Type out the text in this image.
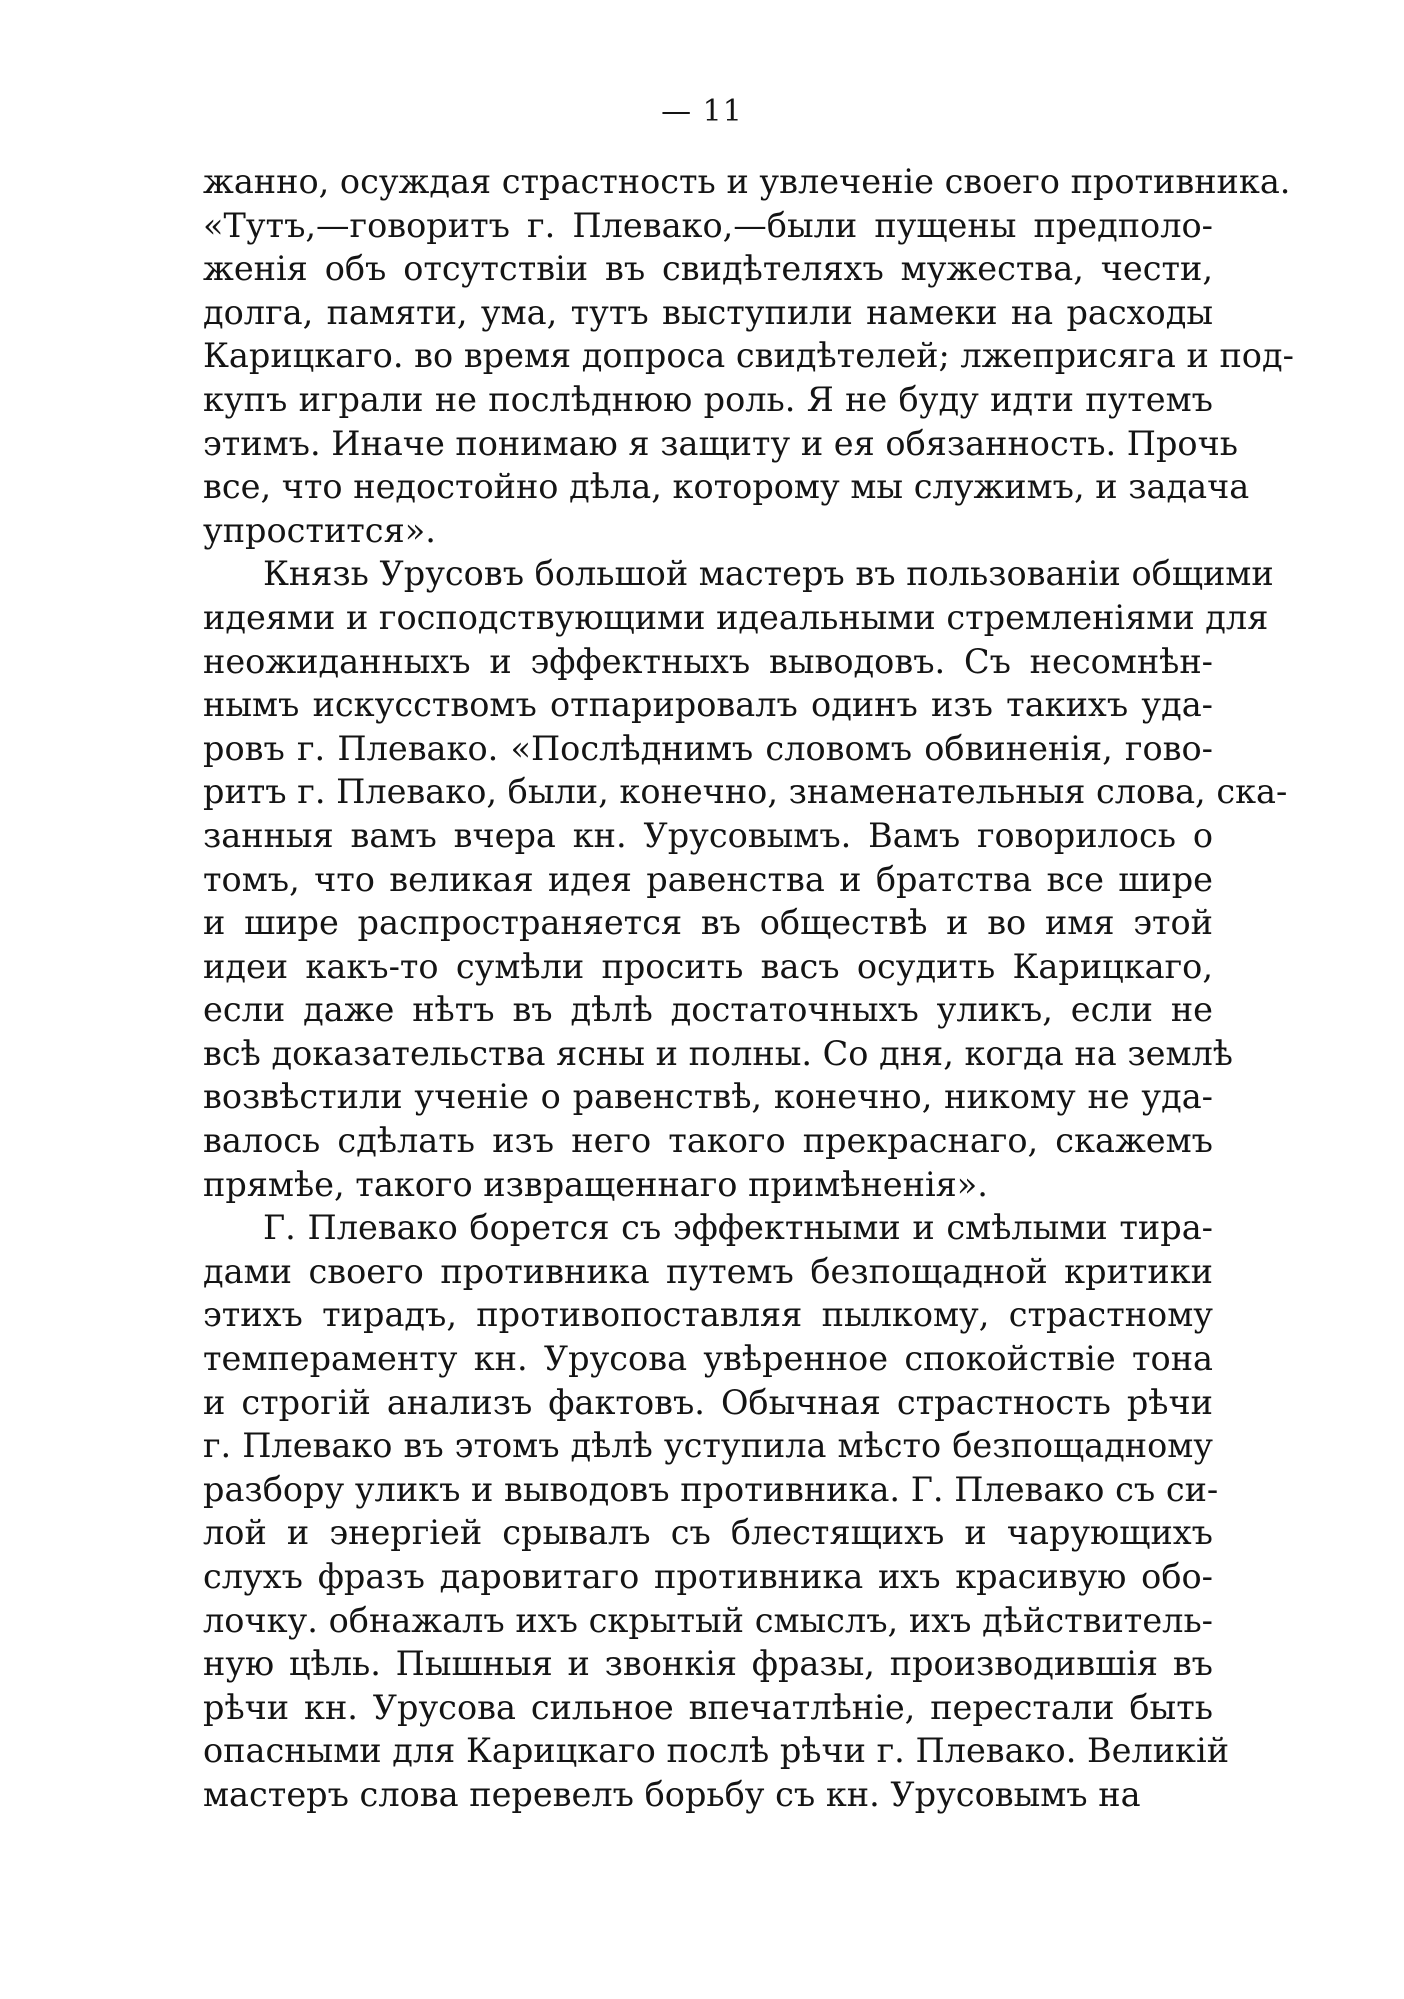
— 11
жанно, осуждая страстность и увлеченіе своего противника.
«Тутъ,—говоритъ г. Плевако,—были пущены предполо-
женія объ отсутствіи въ свидѣтеляхъ мужества, чести,
долга, памяти, ума, тутъ выступили намеки на расходы
Карицкаго. во время допроса свидѣтелей; лжеприсяга и под-
купъ играли не послѣднюю роль. Я не буду идти путемъ
этимъ. Иначе понимаю я защиту и ея обязанность. Прочь
все, что недостойно дѣла, которому мы служимъ, и задача
упростится».
Князь Урусовъ большой мастеръ въ пользованіи общими
идеями и господствующими идеальными стремленіями для
неожиданныхъ и эффектныхъ выводовъ. Съ несомнѣн-
нымъ искусствомъ отпарировалъ одинъ изъ такихъ уда-
ровъ г. Плевако. «Послѣднимъ словомъ обвиненія, гово-
ритъ г. Плевако, были, конечно, знаменательныя слова, ска-
занныя вамъ вчера кн. Урусовымъ. Вамъ говорилось о
томъ, что великая идея равенства и братства все шире
и шире распространяется въ обществѣ и во имя этой
идеи какъ-то сумѣли просить васъ осудить Карицкаго,
если даже нѣтъ въ дѣлѣ достаточныхъ уликъ, если не
всѣ доказательства ясны и полны. Со дня, когда на землѣ
возвѣстили ученіе о равенствѣ, конечно, никому не уда-
валось сдѣлать изъ него такого прекраснаго, скажемъ
прямѣе, такого извращеннаго примѣненія».
Г. Плевако борется съ эффектными и смѣлыми тира-
дами своего противника путемъ безпощадной критики
этихъ тирадъ, противопоставляя пылкому, страстному
темпераменту кн. Урусова увѣренное спокойствіе тона
и строгій анализъ фактовъ. Обычная страстность рѣчи
г. Плевако въ этомъ дѣлѣ уступила мѣсто безпощадному
разбору уликъ и выводовъ противника. Г. Плевако съ си-
лой и энергіей срывалъ съ блестящихъ и чарующихъ
слухъ фразъ даровитаго противника ихъ красивую обо-
лочку. обнажалъ ихъ скрытый смыслъ, ихъ дѣйствитель-
ную цѣль. Пышныя и звонкія фразы, производившія въ
рѣчи кн. Урусова сильное впечатлѣніе, перестали быть
опасными для Карицкаго послѣ рѣчи г. Плевако. Великій
мастеръ слова перевелъ борьбу съ кн. Урусовымъ на
